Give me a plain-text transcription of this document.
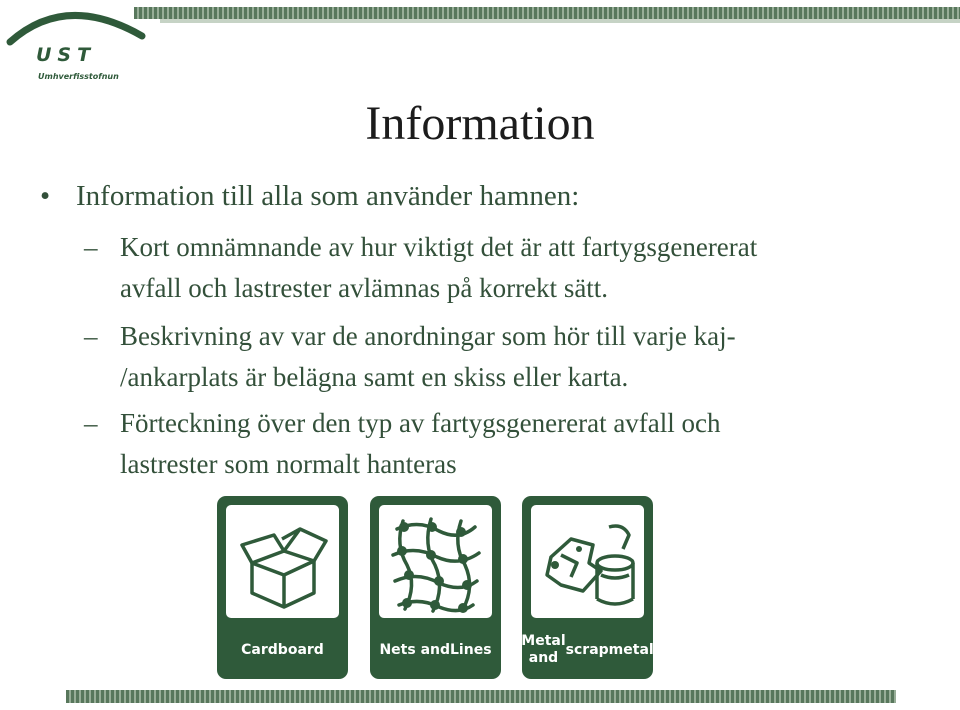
UST
Umhverfisstofnun
Information
• Information till alla som använder hamnen:
– Kort omnämnande av hur viktigt det är att fartygsgenererat
avfall och lastrester avlämnas på korrekt sätt.
– Beskrivning av var de anordningar som hör till varje kaj-
/ankarplats är belägna samt en skiss eller karta.
– Förteckning över den typ av fartygsgenererat avfall och
lastrester som normalt hanteras
Cardboard	Nets and Lines
Metal and

scrapmetal
